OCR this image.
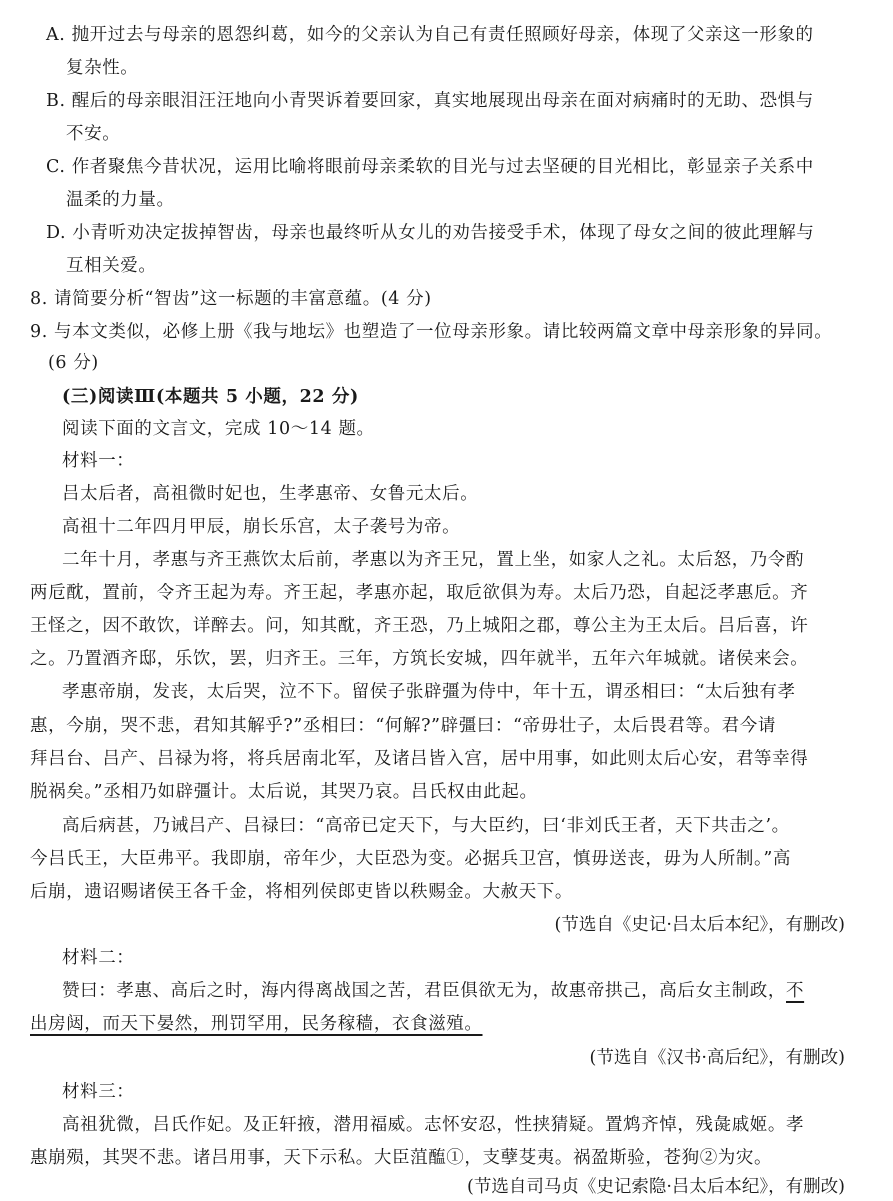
A. 抛开过去与母亲的恩怨纠葛，如今的父亲认为自己有责任照顾好母亲，体现了父亲这一形象的
复杂性。
B. 醒后的母亲眼泪汪汪地向小青哭诉着要回家，真实地展现出母亲在面对病痛时的无助、恐惧与
不安。
C. 作者聚焦今昔状况，运用比喻将眼前母亲柔软的目光与过去坚硬的目光相比，彰显亲子关系中
温柔的力量。
D. 小青听劝决定拔掉智齿，母亲也最终听从女儿的劝告接受手术，体现了母女之间的彼此理解与
互相关爱。
8. 请简要分析“智齿”这一标题的丰富意蕴。(4 分)
9. 与本文类似，必修上册《我与地坛》也塑造了一位母亲形象。请比较两篇文章中母亲形象的异同。
(6 分)
(三)阅读Ⅲ(本题共 5 小题，22 分)
阅读下面的文言文，完成 10～14 题。
材料一：
吕太后者，高祖微时妃也，生孝惠帝、女鲁元太后。
高祖十二年四月甲辰，崩长乐宫，太子袭号为帝。
二年十月，孝惠与齐王燕饮太后前，孝惠以为齐王兄，置上坐，如家人之礼。太后怒，乃令酌
两卮酖，置前，令齐王起为寿。齐王起，孝惠亦起，取卮欲俱为寿。太后乃恐，自起泛孝惠卮。齐
王怪之，因不敢饮，详醉去。问，知其酖，齐王恐，乃上城阳之郡，尊公主为王太后。吕后喜，许
之。乃置酒齐邸，乐饮，罢，归齐王。三年，方筑长安城，四年就半，五年六年城就。诸侯来会。
孝惠帝崩，发丧，太后哭，泣不下。留侯子张辟彊为侍中，年十五，谓丞相曰：“太后独有孝
惠，今崩，哭不悲，君知其解乎?”丞相曰：“何解?”辟彊曰：“帝毋壮子，太后畏君等。君今请
拜吕台、吕产、吕禄为将，将兵居南北军，及诸吕皆入宫，居中用事，如此则太后心安，君等幸得
脱祸矣。”丞相乃如辟彊计。太后说，其哭乃哀。吕氏权由此起。
高后病甚，乃诫吕产、吕禄曰：“高帝已定天下，与大臣约，曰‘非刘氏王者，天下共击之’。
今吕氏王，大臣弗平。我即崩，帝年少，大臣恐为变。必据兵卫宫，慎毋送丧，毋为人所制。”高
后崩，遗诏赐诸侯王各千金，将相列侯郎吏皆以秩赐金。大赦天下。
(节选自《史记·吕太后本纪》，有删改)
材料二：
赞曰：孝惠、高后之时，海内得离战国之苦，君臣俱欲无为，故惠帝拱己，高后女主制政，不
出房闼，而天下晏然，刑罚罕用，民务稼穑，衣食滋殖。
(节选自《汉书·高后纪》，有删改)
材料三：
高祖犹微，吕氏作妃。及正轩掖，潜用福威。志怀安忍，性挟猜疑。置鸩齐悼，残彘戚姬。孝
惠崩殒，其哭不悲。诸吕用事，天下示私。大臣菹醢①，支孽芟夷。祸盈斯验，苍狗②为灾。
(节选自司马贞《史记索隐·吕太后本纪》，有删改)
